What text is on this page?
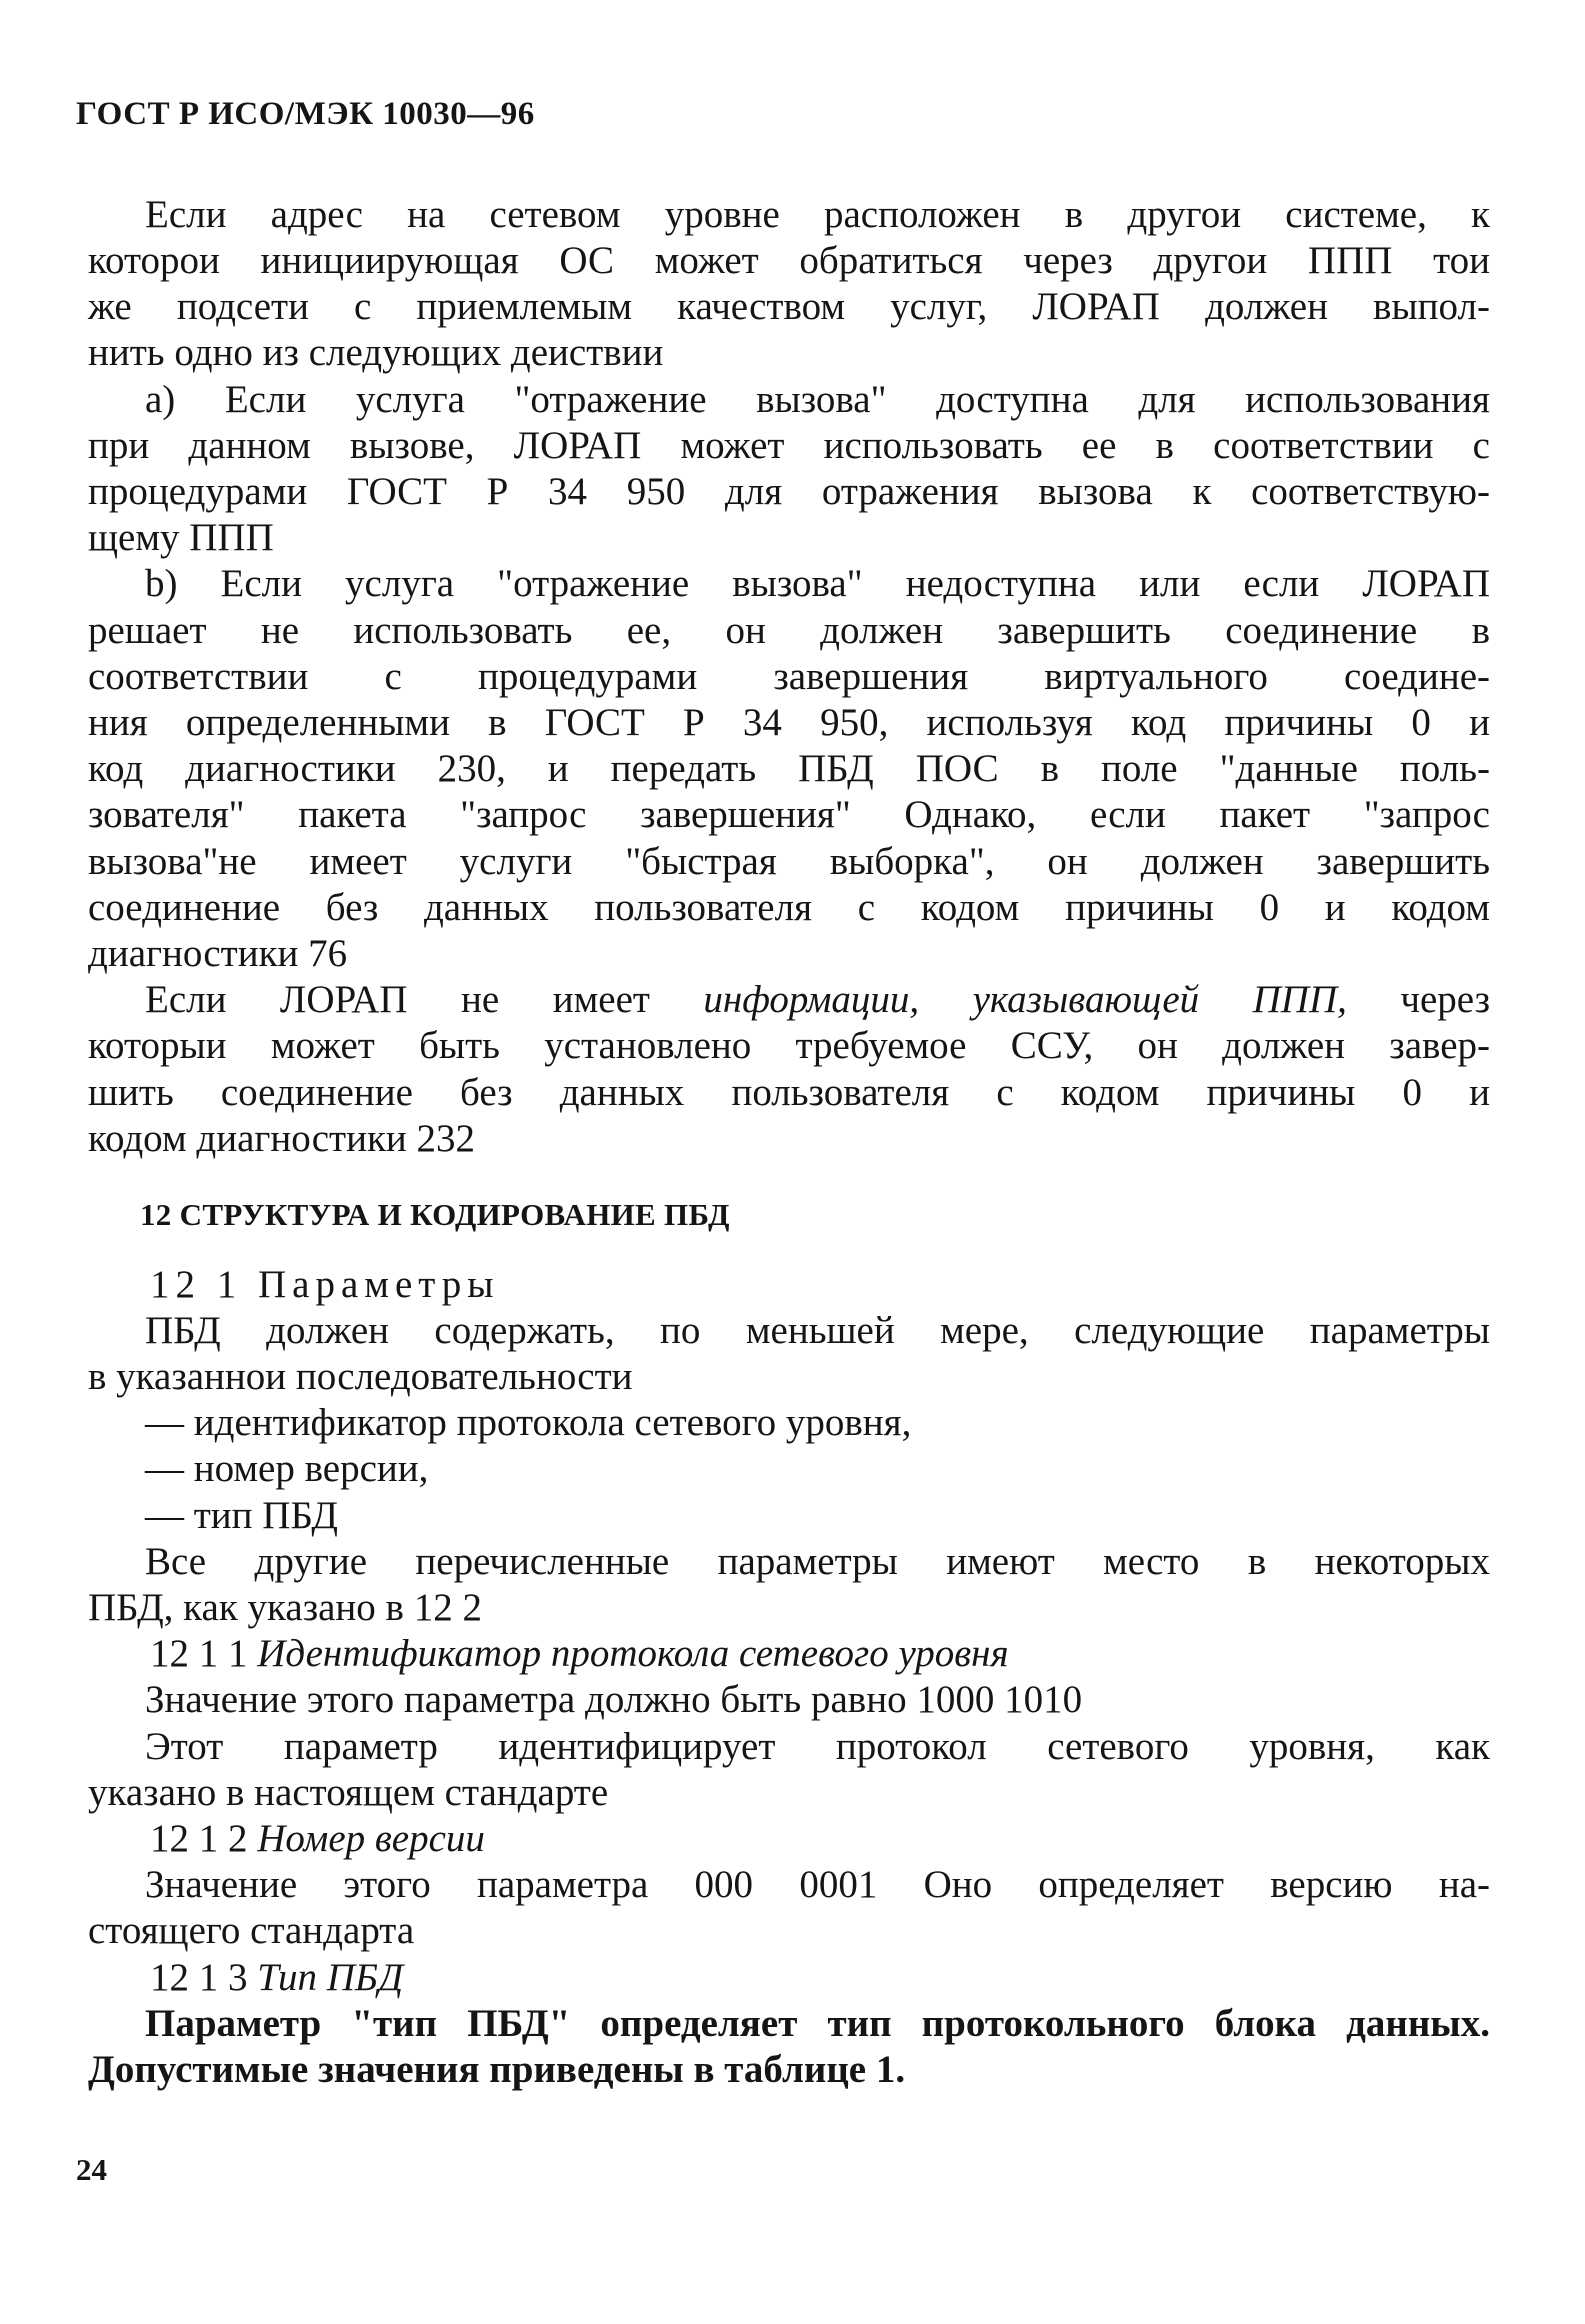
ГОСТ Р ИСО/МЭК 10030—96
Если адрес на сетевом уровне расположен в другои системе, к
которои инициирующая ОС может обратиться через другои ППП тои
же подсети с приемлемым качеством услуг, ЛОРАП должен выпол-
нить одно из следующих деиствии
a) Если услуга "отражение вызова" доступна для использования
при данном вызове, ЛОРАП может использовать ее в соответствии с
процедурами ГОСТ Р 34 950 для отражения вызова к соответствую-
щему ППП
b) Если услуга "отражение вызова" недоступна или если ЛОРАП
решает не использовать ее, он должен завершить соединение в
соответствии с процедурами завершения виртуального соедине-
ния определенными в ГОСТ Р 34 950, используя код причины 0 и
код диагностики 230, и передать ПБД ПОС в поле "данные поль-
зователя" пакета "запрос завершения" Однако, если пакет "запрос
вызова"не имеет услуги "быстрая выборка", он должен завершить
соединение без данных пользователя с кодом причины 0 и кодом
диагностики 76
Если ЛОРАП не имеет информации, указывающей ППП, через
которыи может быть установлено требуемое ССУ, он должен завер-
шить соединение без данных пользователя с кодом причины 0 и
кодом диагностики 232
12 СТРУКТУРА И КОДИРОВАНИЕ ПБД
12 1 Параметры
ПБД должен содержать, по меньшей мере, следующие параметры
в указаннои последовательности
— идентификатор протокола сетевого уровня,
— номер версии,
— тип ПБД
Все другие перечисленные параметры имеют место в некоторых
ПБД, как указано в 12 2
12 1 1 Идентификатор протокола сетевого уровня
Значение этого параметра должно быть равно 1000 1010
Этот параметр идентифицирует протокол сетевого уровня, как
указано в настоящем стандарте
12 1 2 Номер версии
Значение этого параметра 000 0001 Оно определяет версию на-
стоящего стандарта
12 1 3 Тип ПБД
Параметр "тип ПБД" определяет тип протокольного блока данных.
Допустимые значения приведены в таблице 1.
24
